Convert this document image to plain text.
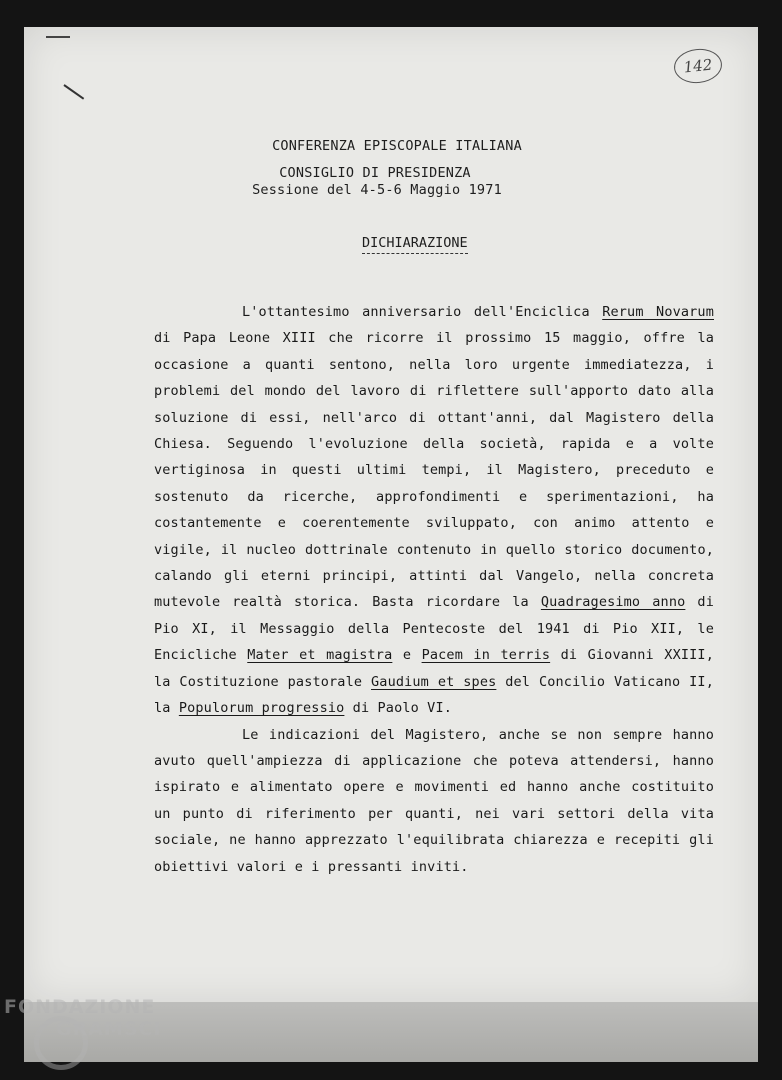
142
CONFERENZA EPISCOPALE ITALIANA
CONSIGLIO DI PRESIDENZA
Sessione del 4-5-6 Maggio 1971
DICHIARAZIONE

L'ottantesimo anniversario dell'Enciclica Rerum Novarum di Papa Leone XIII che ricorre il prossimo 15 maggio, offre la occasione a quanti sentono, nella loro urgente immediatezza, i problemi del mondo del lavoro di riflettere sull'apporto dato alla soluzione di essi, nell'arco di ottant'anni, dal Magistero della Chiesa. Seguendo l'evoluzione della società, rapida e a volte vertiginosa in questi ultimi tempi, il Magistero, preceduto e sostenuto da ricerche, approfondimenti e sperimentazioni, ha costantemente e coerentemente sviluppato, con animo attento e vigile, il nucleo dottrinale contenuto in quello storico documento, calando gli eterni principi, attinti dal Vangelo, nella concreta mutevole realtà storica. Basta ricordare la Quadragesimo anno di Pio XI, il Messaggio della Pentecoste del 1941 di Pio XII, le Encicliche Mater et magistra e Pacem in terris di Giovanni XXIII, la Costituzione pastorale Gaudium et spes del Concilio Vaticano II, la Populorum progressio di Paolo VI.

Le indicazioni del Magistero, anche se non sempre hanno avuto quell'ampiezza di applicazione che poteva attendersi, hanno ispirato e alimentato opere e movimenti ed hanno anche costituito un punto di riferimento per quanti, nei vari settori della vita sociale, ne hanno apprezzato l'equilibrata chiarezza e recepiti gli obiettivi valori e i pressanti inviti.

FONDAZIONE
GRAMSCI
